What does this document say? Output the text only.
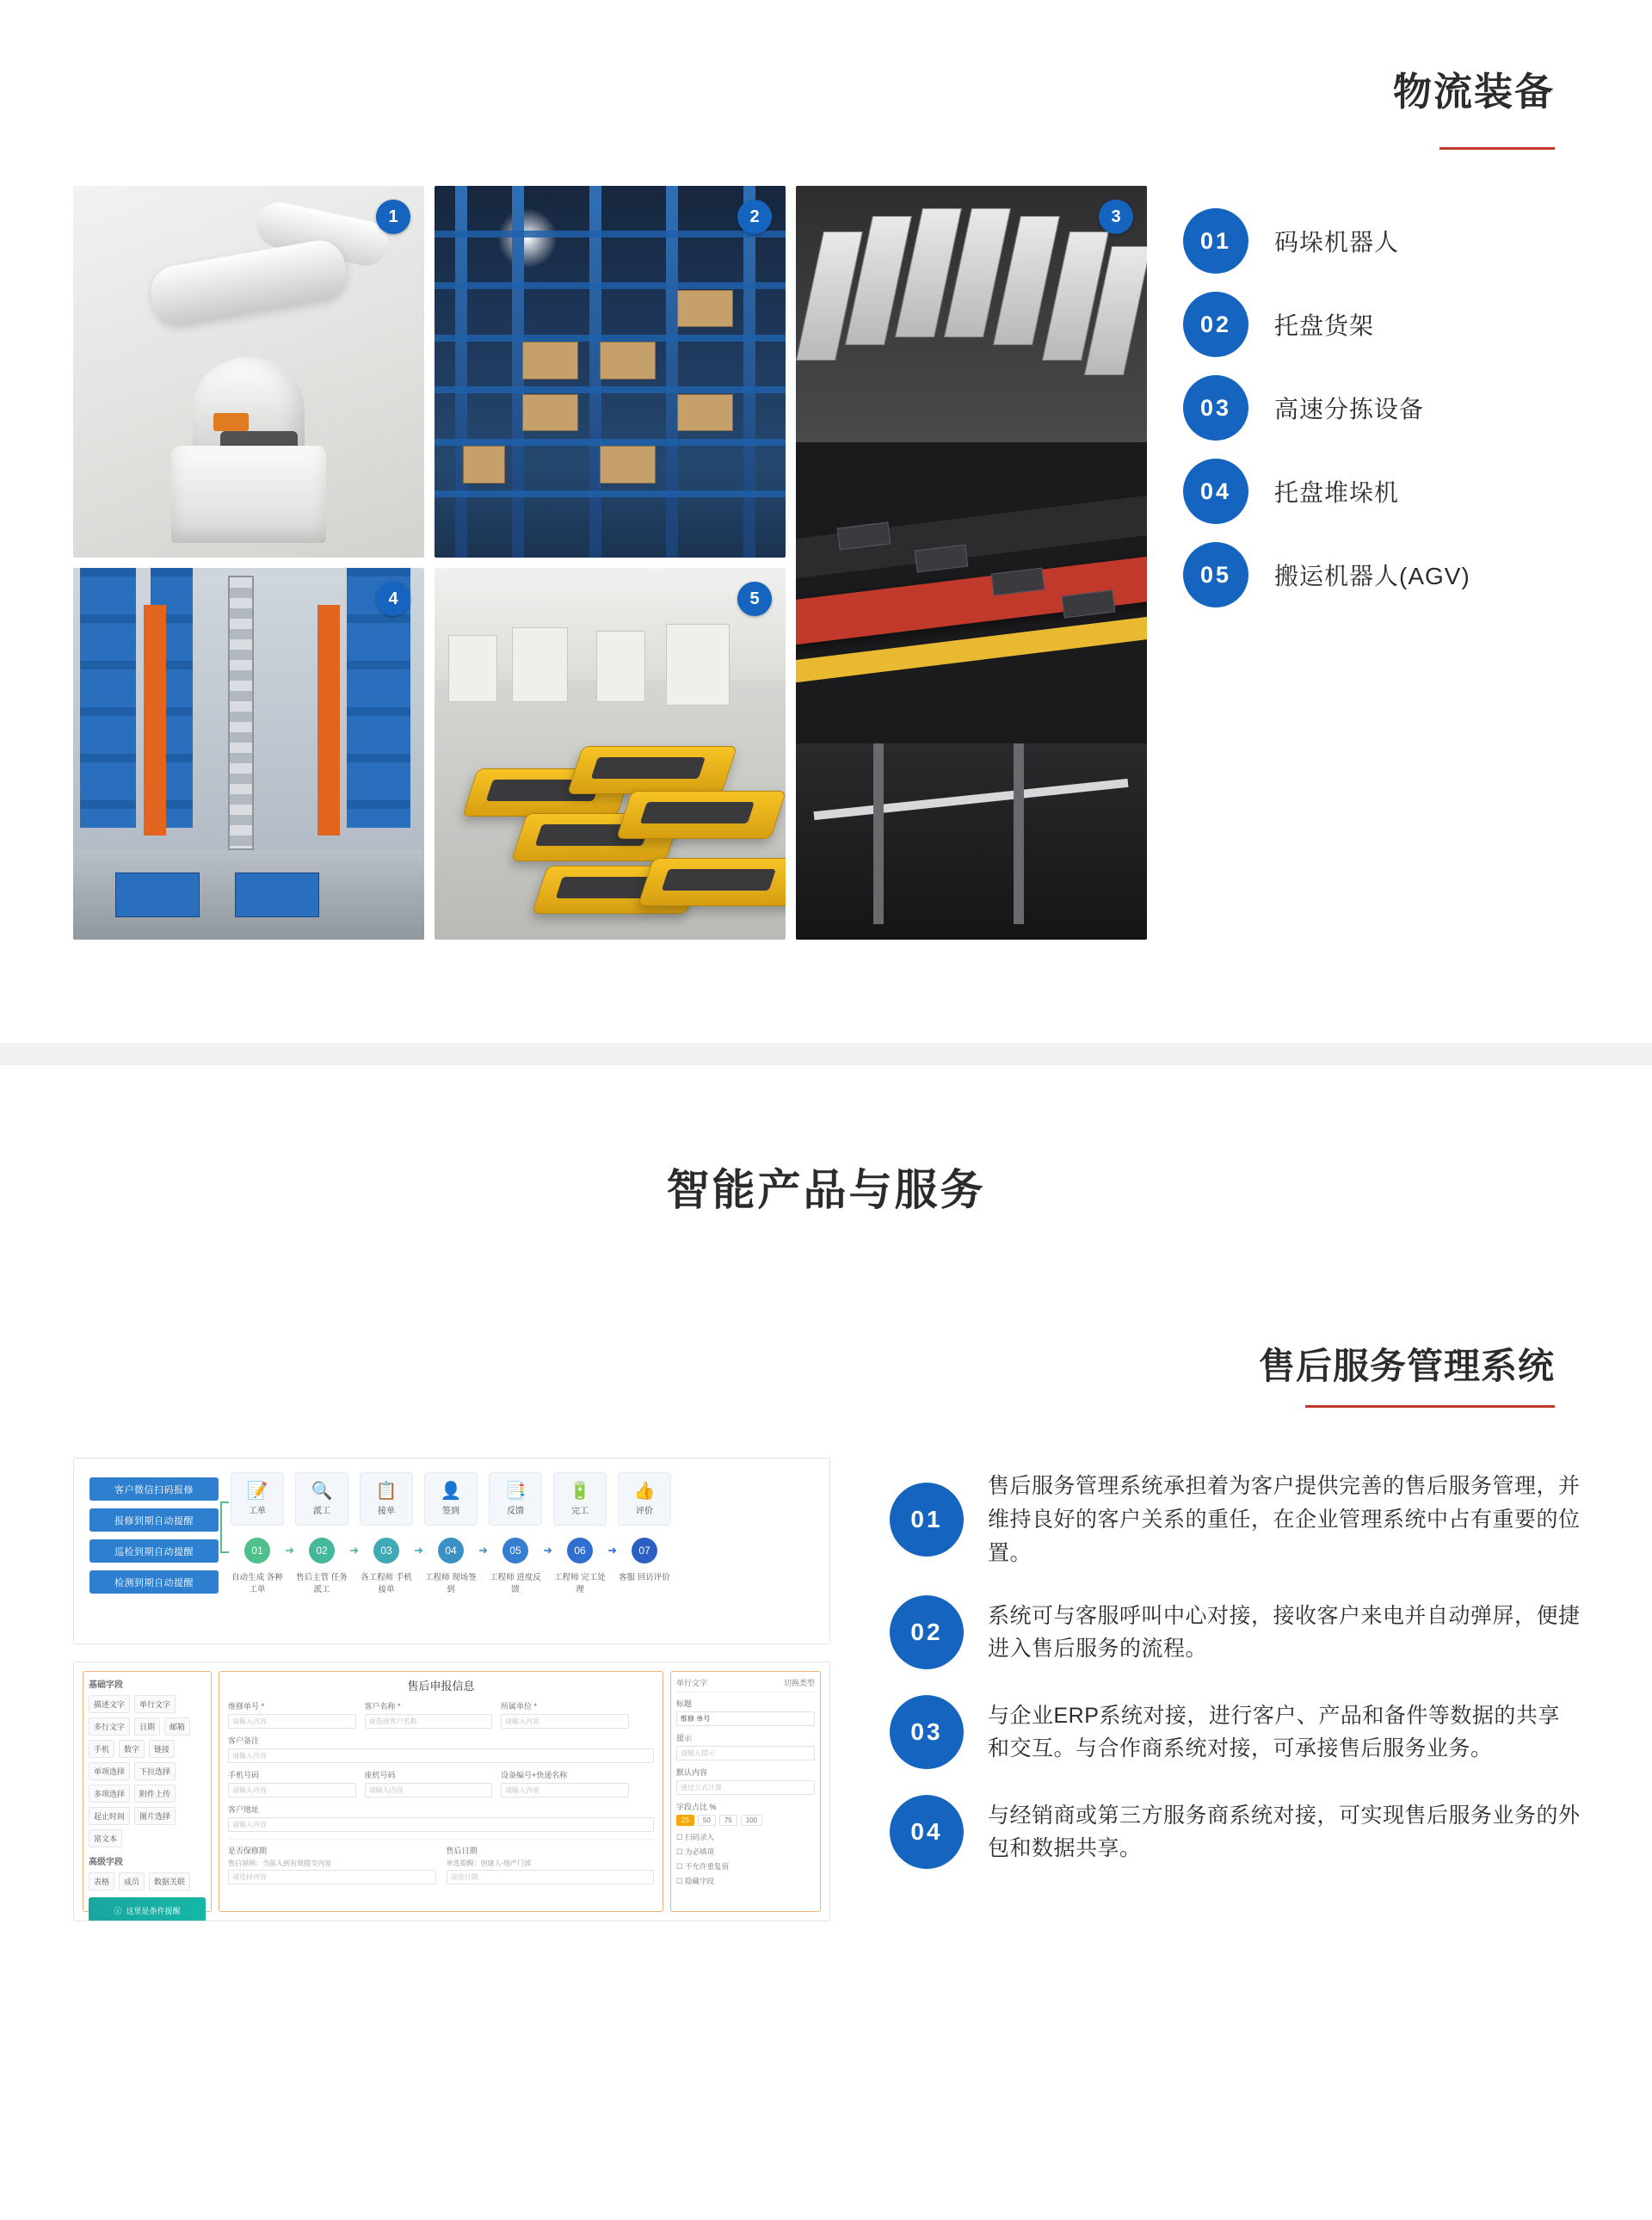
物流装备
1	2	3
4	5
01	码垛机器人
02	托盘货架
03	高速分拣设备
04	托盘堆垛机
05	搬运机器人(AGV)
智能产品与服务
售后服务管理系统
客户微信扫码报修
报修到期自动提醒
巡检到期自动提醒
检测到期自动提醒
📝
工单
🔍
派工
📋
接单
👤
签到
📑
反馈
🔋
完工
👍
评价
01	➜	02	➜	03	➜	04	➜	05	➜	06	➜	07
自动生成 各种工单
售后主管 任务派工
各工程师 手机接单
工程师 现场签到
工程师 进度反馈
工程师 完工处理
客服 回访评价
基础字段
描述文字	单行文字
多行文字	日期	邮箱
手机	数字	链接
单项选择	下拉选择
多项选择	附件上传
起止时间	图片选择
富文本
高级字段
表格	成员	数据关联
ⓘ 这里是条件提醒
售后申报信息
维修单号 *
请输入内容
客户名称 *
请选择客户名称
所属单位 *
请输入内容
客户备注
请输入内容
手机号码
请输入内容
座机号码
请输入内容
设备编号+快递名称
请输入内容
客户地址
请输入内容
是否保修期
售后说明：当前入到有效提交内容
请选择内容
售后日期
单选提醒：创建人-地产门部
请选日期
单行文字	切换类型
标题
维修 单号
提示
请输入提示
默认内容
通过公式计算
字段占比 %
25	50	75	100
☐ 扫码录入
☐ 为必填项
☐ 不允许重复值
☐ 隐藏字段
01
售后服务管理系统承担着为客户提供完善的售后服务管理，并维持良好的客户关系的重任，在企业管理系统中占有重要的位置。
02
系统可与客服呼叫中心对接，接收客户来电并自动弹屏，便捷进入售后服务的流程。
03
与企业ERP系统对接，进行客户、产品和备件等数据的共享和交互。与合作商系统对接，可承接售后服务业务。
04
与经销商或第三方服务商系统对接，可实现售后服务业务的外包和数据共享。
